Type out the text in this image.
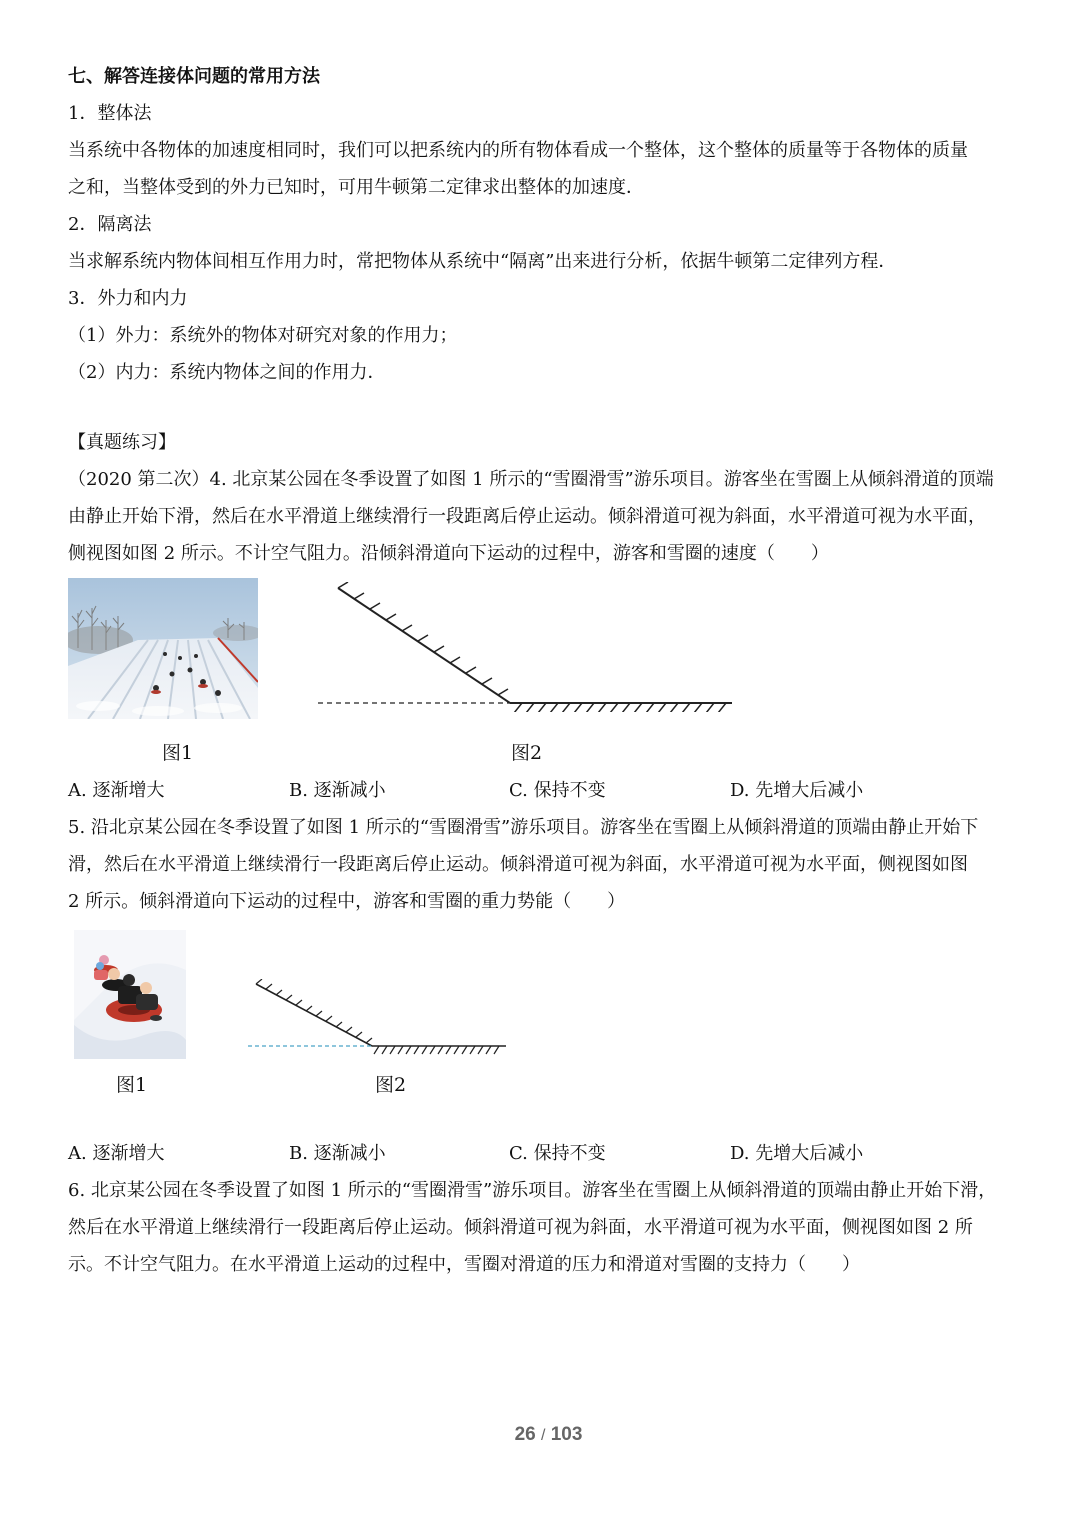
七、解答连接体问题的常用方法
1．整体法
当系统中各物体的加速度相同时，我们可以把系统内的所有物体看成一个整体，这个整体的质量等于各物体的质量
之和，当整体受到的外力已知时，可用牛顿第二定律求出整体的加速度．
2．隔离法
当求解系统内物体间相互作用力时，常把物体从系统中“隔离”出来进行分析，依据牛顿第二定律列方程．
3．外力和内力
（1）外力：系统外的物体对研究对象的作用力；
（2）内力：系统内物体之间的作用力．
【真题练习】
（2020 第二次）4. 北京某公园在冬季设置了如图 1 所示的“雪圈滑雪”游乐项目。游客坐在雪圈上从倾斜滑道的顶端
由静止开始下滑，然后在水平滑道上继续滑行一段距离后停止运动。倾斜滑道可视为斜面，水平滑道可视为水平面，
侧视图如图 2 所示。不计空气阻力。沿倾斜滑道向下运动的过程中，游客和雪圈的速度（　　）
图1	图2
A. 逐渐增大	B. 逐渐减小	C. 保持不变	D. 先增大后减小
5. 沿北京某公园在冬季设置了如图 1 所示的“雪圈滑雪”游乐项目。游客坐在雪圈上从倾斜滑道的顶端由静止开始下
滑，然后在水平滑道上继续滑行一段距离后停止运动。倾斜滑道可视为斜面，水平滑道可视为水平面，侧视图如图
2 所示。倾斜滑道向下运动的过程中，游客和雪圈的重力势能（　　）
图1	图2
A. 逐渐增大	B. 逐渐减小	C. 保持不变	D. 先增大后减小
6. 北京某公园在冬季设置了如图 1 所示的“雪圈滑雪”游乐项目。游客坐在雪圈上从倾斜滑道的顶端由静止开始下滑，
然后在水平滑道上继续滑行一段距离后停止运动。倾斜滑道可视为斜面，水平滑道可视为水平面，侧视图如图 2 所
示。不计空气阻力。在水平滑道上运动的过程中，雪圈对滑道的压力和滑道对雪圈的支持力（　　）
26 / 103
